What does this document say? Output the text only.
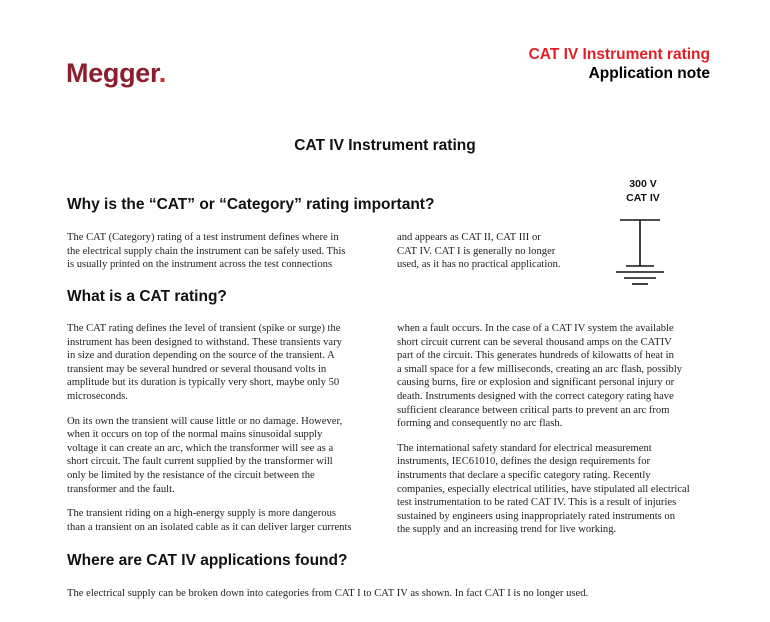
Megger.
CAT IV Instrument rating
Application note
CAT IV Instrument rating
Why is the “CAT” or “Category” rating important?
The CAT (Category) rating of a test instrument defines where in
the electrical supply chain the instrument can be safely used. This
is usually printed on the instrument across the test connections
and appears as CAT II, CAT III or
CAT IV. CAT I is generally no longer
used, as it has no practical application.
300 V
CAT IV
What is a CAT rating?

The CAT rating defines the level of transient (spike or surge) the
instrument has been designed to withstand. These transients vary
in size and duration depending on the source of the transient. A
transient may be several hundred or several thousand volts in
amplitude but its duration is typically very short, maybe only 50
microseconds.

On its own the transient will cause little or no damage. However,
when it occurs on top of the normal mains sinusoidal supply
voltage it can create an arc, which the transformer will see as a
short circuit. The fault current supplied by the transformer will
only be limited by the resistance of the circuit between the
transformer and the fault.

The transient riding on a high-energy supply is more dangerous
than a transient on an isolated cable as it can deliver larger currents

when a fault occurs. In the case of a CAT IV system the available
short circuit current can be several thousand amps on the CATIV
part of the circuit. This generates hundreds of kilowatts of heat in
a small space for a few milliseconds, creating an arc flash, possibly
causing burns, fire or explosion and significant personal injury or
death. Instruments designed with the correct category rating have
sufficient clearance between critical parts to prevent an arc from
forming and consequently no arc flash.

The international safety standard for electrical measurement
instruments, IEC61010, defines the design requirements for
instruments that declare a specific category rating. Recently
companies, especially electrical utilities, have stipulated all electrical
test instrumentation to be rated CAT IV. This is a result of injuries
sustained by engineers using inappropriately rated instruments on
the supply and an increasing trend for live working.

Where are CAT IV applications found?
The electrical supply can be broken down into categories from CAT I to CAT IV as shown. In fact CAT I is no longer used.
